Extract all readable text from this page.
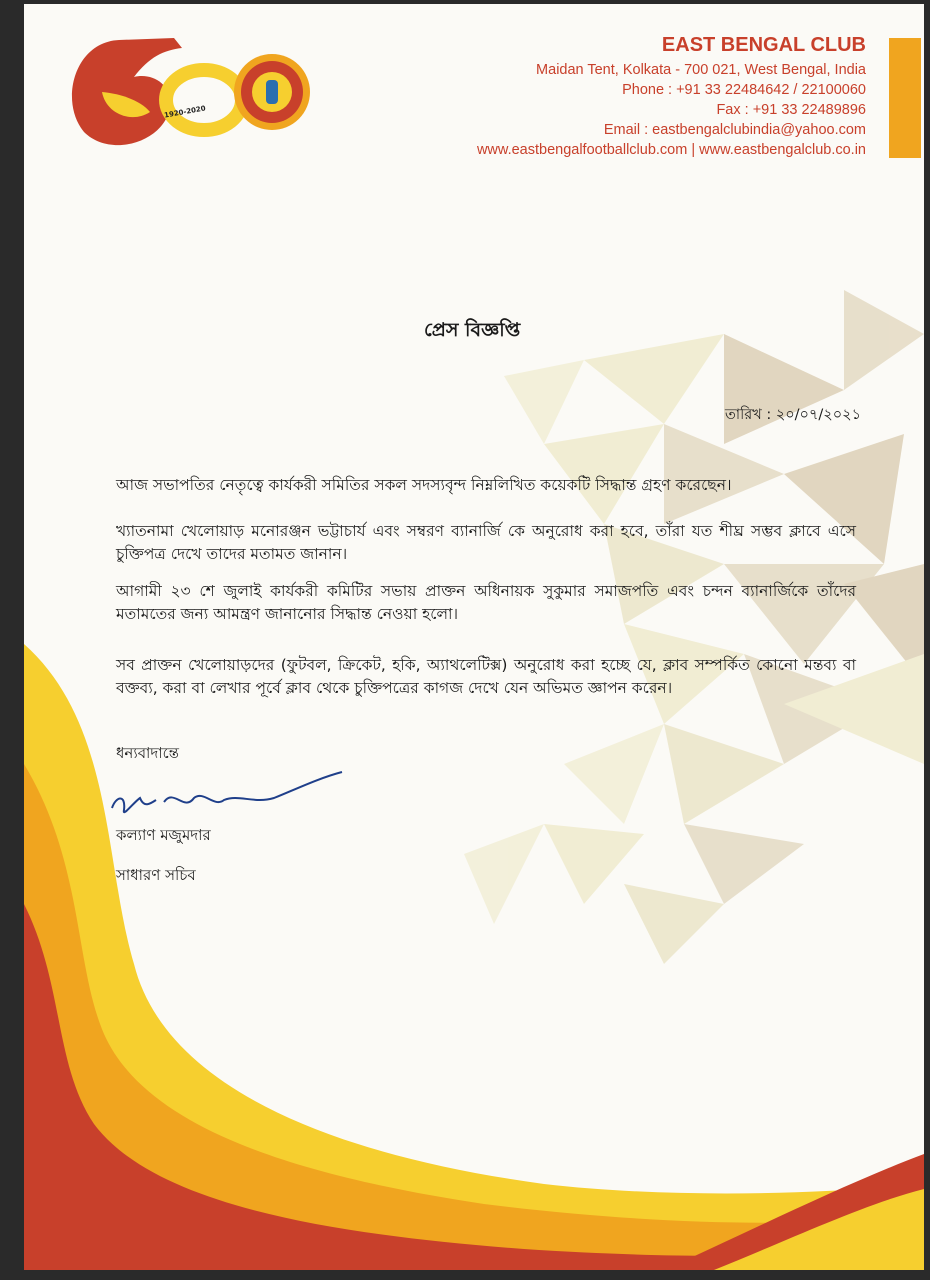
1920-2020
EAST BENGAL CLUB
Maidan Tent, Kolkata - 700 021, West Bengal, India
Phone : +91 33 22484642 / 22100060
Fax : +91 33 22489896
Email : eastbengalclubindia@yahoo.com
www.eastbengalfootballclub.com | www.eastbengalclub.co.in
প্রেস বিজ্ঞপ্তি
তারিখ : ২০/০৭/২০২১
আজ সভাপতির নেতৃত্বে কার্যকরী সমিতির সকল সদস্যবৃন্দ নিম্নলিখিত কয়েকটি সিদ্ধান্ত গ্রহণ করেছেন।
খ্যাতনামা খেলোয়াড় মনোরঞ্জন ভট্টাচার্য এবং সম্বরণ ব্যানার্জি কে অনুরোধ করা হবে, তাঁরা যত শীঘ্র সম্ভব ক্লাবে এসে চুক্তিপত্র দেখে তাদের মতামত জানান।
আগামী ২৩ শে জুলাই কার্যকরী কমিটির সভায় প্রাক্তন অধিনায়ক সুকুমার সমাজপতি এবং চন্দন ব্যানার্জিকে তাঁদের মতামতের জন্য আমন্ত্রণ জানানোর সিদ্ধান্ত নেওয়া হলো।
সব প্রাক্তন খেলোয়াড়দের (ফুটবল, ক্রিকেট, হকি, অ্যাথলেটিক্স) অনুরোধ করা হচ্ছে যে, ক্লাব সম্পর্কিত কোনো মন্তব্য বা বক্তব্য, করা বা লেখার পূর্বে ক্লাব থেকে চুক্তিপত্রের কাগজ দেখে যেন অভিমত জ্ঞাপন করেন।
ধন্যবাদান্তে
কল্যাণ মজুমদার
সাধারণ সচিব
